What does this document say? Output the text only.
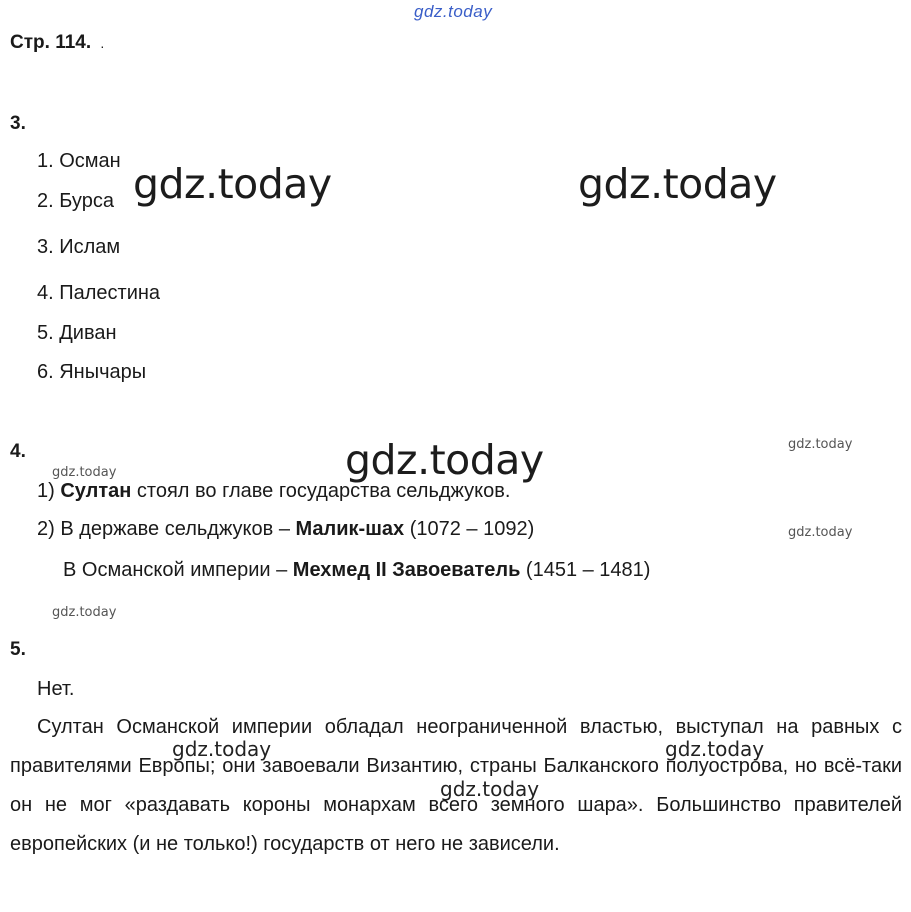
gdz.today
gdz.today	gdz.today
gdz.today	gdz.today
gdz.today
gdz.today
gdz.today
gdz.today	gdz.today
gdz.today
Стр. 114. .
3.
1. Осман
2. Бурса
3. Ислам
4. Палестина
5. Диван
6. Янычары
4.
1) Султан стоял во главе государства сельджуков.
2) В державе сельджуков – Малик-шах (1072 – 1092)
В Османской империи – Мехмед II Завоеватель (1451 – 1481)
5.
Нет.
Султан Османской империи обладал неограниченной властью, выступал на равных с правителями Европы; они завоевали Византию, страны Балканского полуострова, но всё-таки он не мог «раздавать короны монархам всего земного шара». Большинство правителей европейских (и не только!) государств от него не зависели.
